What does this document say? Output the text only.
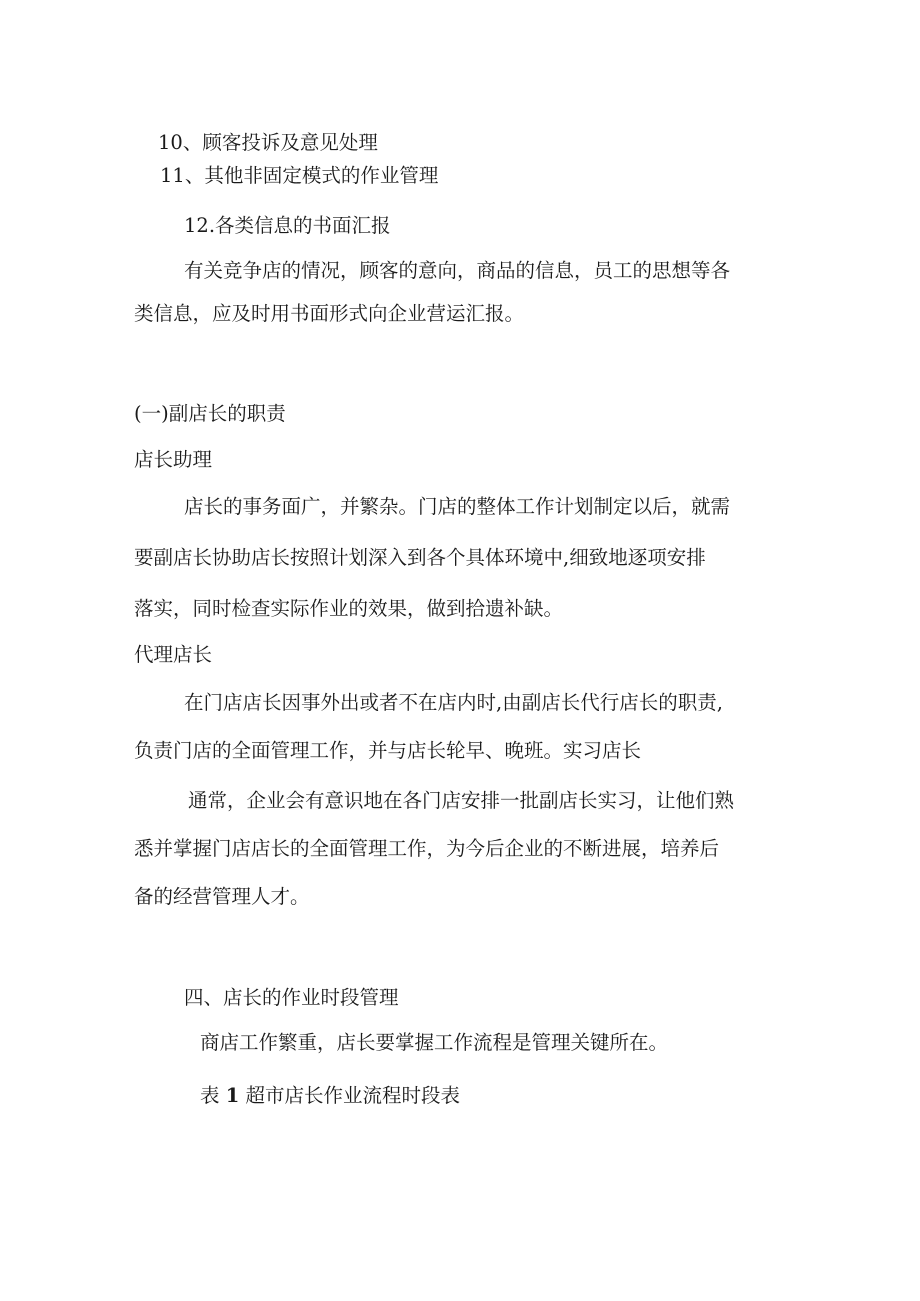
10、顾客投诉及意见处理
11、其他非固定模式的作业管理
12.各类信息的书面汇报
有关竞争店的情况，顾客的意向，商品的信息，员工的思想等各
类信息，应及时用书面形式向企业营运汇报。
(一)副店长的职责
店长助理
店长的事务面广，并繁杂。门店的整体工作计划制定以后，就需
要副店长协助店长按照计划深入到各个具体环境中,细致地逐项安排
落实，同时检查实际作业的效果，做到拾遗补缺。
代理店长
在门店店长因事外出或者不在店内时,由副店长代行店长的职责,
负责门店的全面管理工作，并与店长轮早、晚班。实习店长
通常，企业会有意识地在各门店安排一批副店长实习，让他们熟
悉并掌握门店店长的全面管理工作，为今后企业的不断进展，培养后
备的经营管理人才。
四、店长的作业时段管理
商店工作繁重，店长要掌握工作流程是管理关键所在。
表 1 超市店长作业流程时段表
